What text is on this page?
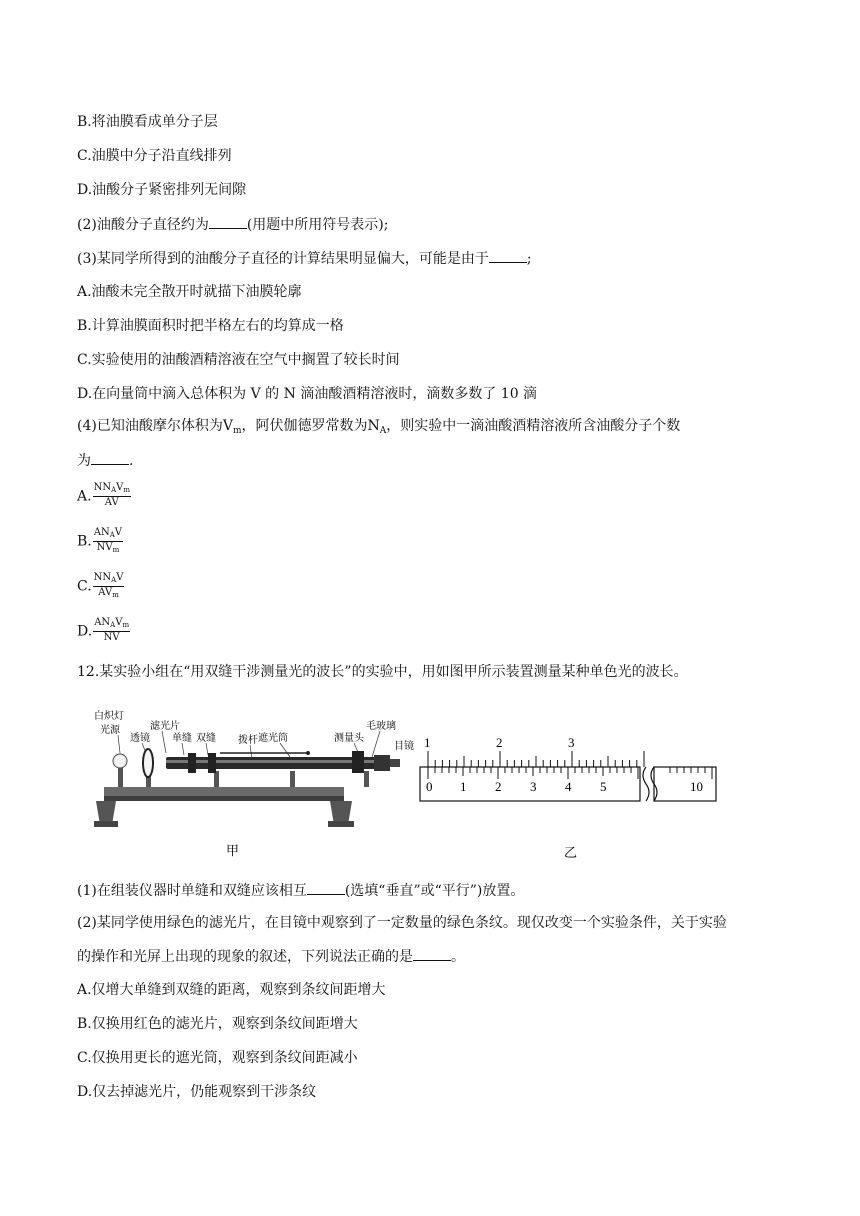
B.将油膜看成单分子层
C.油膜中分子沿直线排列
D.油酸分子紧密排列无间隙
(2)油酸分子直径约为	(用题中所用符号表示);
(3)某同学所得到的油酸分子直径的计算结果明显偏大，可能是由于	;
A.油酸未完全散开时就描下油膜轮廓
B.计算油膜面积时把半格左右的均算成一格
C.实验使用的油酸酒精溶液在空气中搁置了较长时间
D.在向量筒中滴入总体积为 V 的 N 滴油酸酒精溶液时，滴数多数了 10 滴
(4)已知油酸摩尔体积为$V_m$，阿伏伽德罗常数为$N_A$，则实验中一滴油酸酒精溶液所含油酸分子个数
为	.
A. $\frac{NN_AV_m}{AV}$
B. $\frac{AN_AV}{NV_m}$
C. $\frac{NN_AV}{AV_m}$
D. $\frac{AN_AV_m}{NV}$
12.某实验小组在“用双缝干涉测量光的波长”的实验中，用如图甲所示装置测量某种单色光的波长。
白炽灯
光源
透镜
滤光片
单缝 双缝 拨杆 遮光筒	测量头
毛玻璃
目镜 1	2	3
0 1 2 3 4 5	10
甲	乙
(1)在组装仪器时单缝和双缝应该相互	(选填“垂直”或“平行”)放置。
(2)某同学使用绿色的滤光片，在目镜中观察到了一定数量的绿色条纹。现仅改变一个实验条件，关于实验
的操作和光屏上出现的现象的叙述，下列说法正确的是	。
A.仅增大单缝到双缝的距离，观察到条纹间距增大
B.仅换用红色的滤光片，观察到条纹间距增大
C.仅换用更长的遮光筒，观察到条纹间距减小
D.仅去掉滤光片，仍能观察到干涉条纹
